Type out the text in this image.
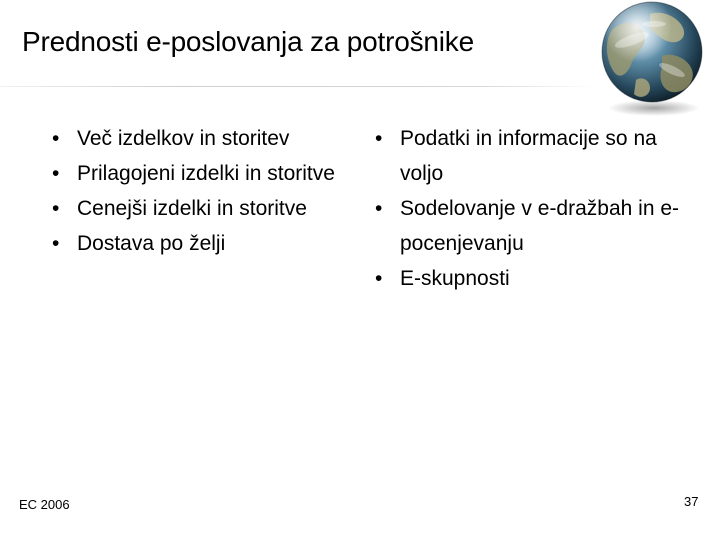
Prednosti e-poslovanja za potrošnike
• Več izdelkov in storitev
• Prilagojeni izdelki in storitve
• Cenejši izdelki in storitve
• Dostava po želji
• Podatki in informacije so na voljo
• Sodelovanje v e-dražbah in e-pocenjevanju
• E-skupnosti
EC 2006	37
